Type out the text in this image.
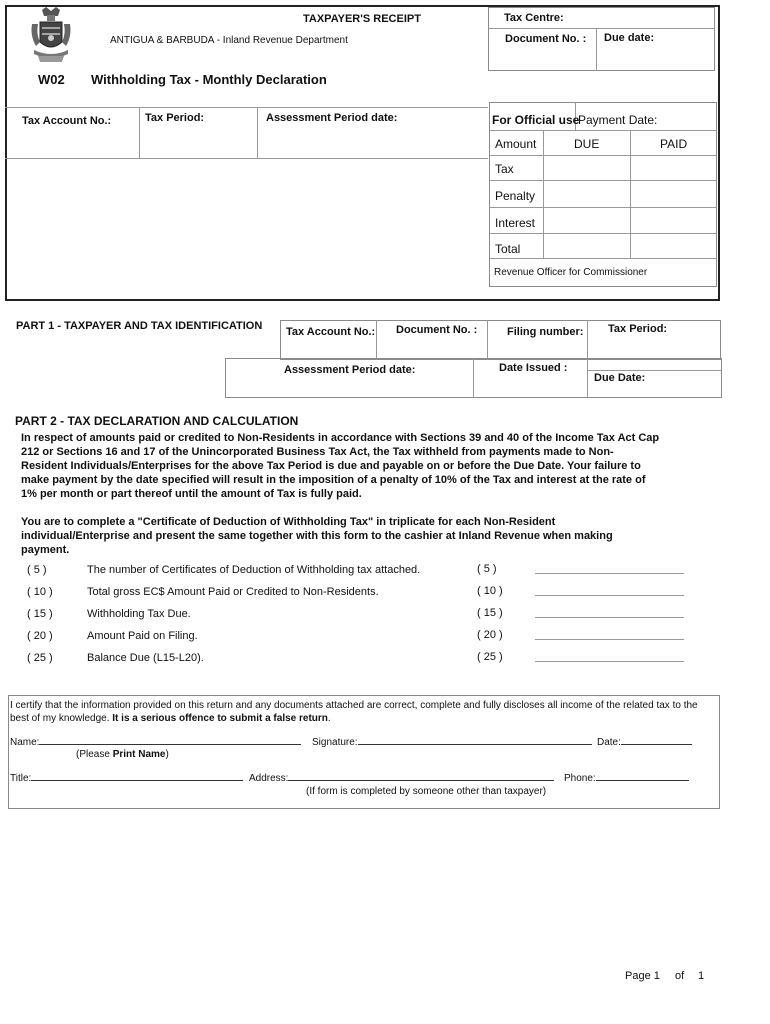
TAXPAYER'S RECEIPT
ANTIGUA & BARBUDA - Inland Revenue Department
W02 Withholding Tax - Monthly Declaration
Tax Centre:
Document No. : Due date:
Tax Account No.:	Tax Period:	Assessment Period date:	For Official use
Payment Date:
Amount	DUE	PAID
Tax
Penalty
Interest
Total
Revenue Officer for Commissioner
PART 1 - TAXPAYER AND TAX IDENTIFICATION Tax Account No.: Document No. :	Filing number: Tax Period:
Assessment Period date:	Date Issued :
Due Date:
PART 2 - TAX DECLARATION AND CALCULATION
In respect of amounts paid or credited to Non-Residents in accordance with Sections 39 and 40 of the Income Tax Act Cap
212 or Sections 16 and 17 of the Unincorporated Business Tax Act, the Tax withheld from payments made to Non-
Resident Individuals/Enterprises for the above Tax Period is due and payable on or before the Due Date. Your failure to
make payment by the date specified will result in the imposition of a penalty of 10% of the Tax and interest at the rate of
1% per month or part thereof until the amount of Tax is fully paid.
You are to complete a "Certificate of Deduction of Withholding Tax" in triplicate for each Non-Resident
individual/Enterprise and present the same together with this form to the cashier at Inland Revenue when making
payment.
( 5 )	The number of Certificates of Deduction of Withholding tax attached.	( 5 )
( 10 )	Total gross EC$ Amount Paid or Credited to Non-Residents.	( 10 )
( 15 )	Withholding Tax Due.	( 15 )
( 20 )	Amount Paid on Filing.	( 20 )
( 25 )	Balance Due (L15-L20).	( 25 )
I certify that the information provided on this return and any documents attached are correct, complete and fully discloses all income of the related tax to the best of my knowledge. It is a serious offence to submit a false return.
Name:	Signature:	Date:
(Please Print Name)
Title:	Address:	Phone:
(If form is completed by someone other than taxpayer)
Page 1 of 1
